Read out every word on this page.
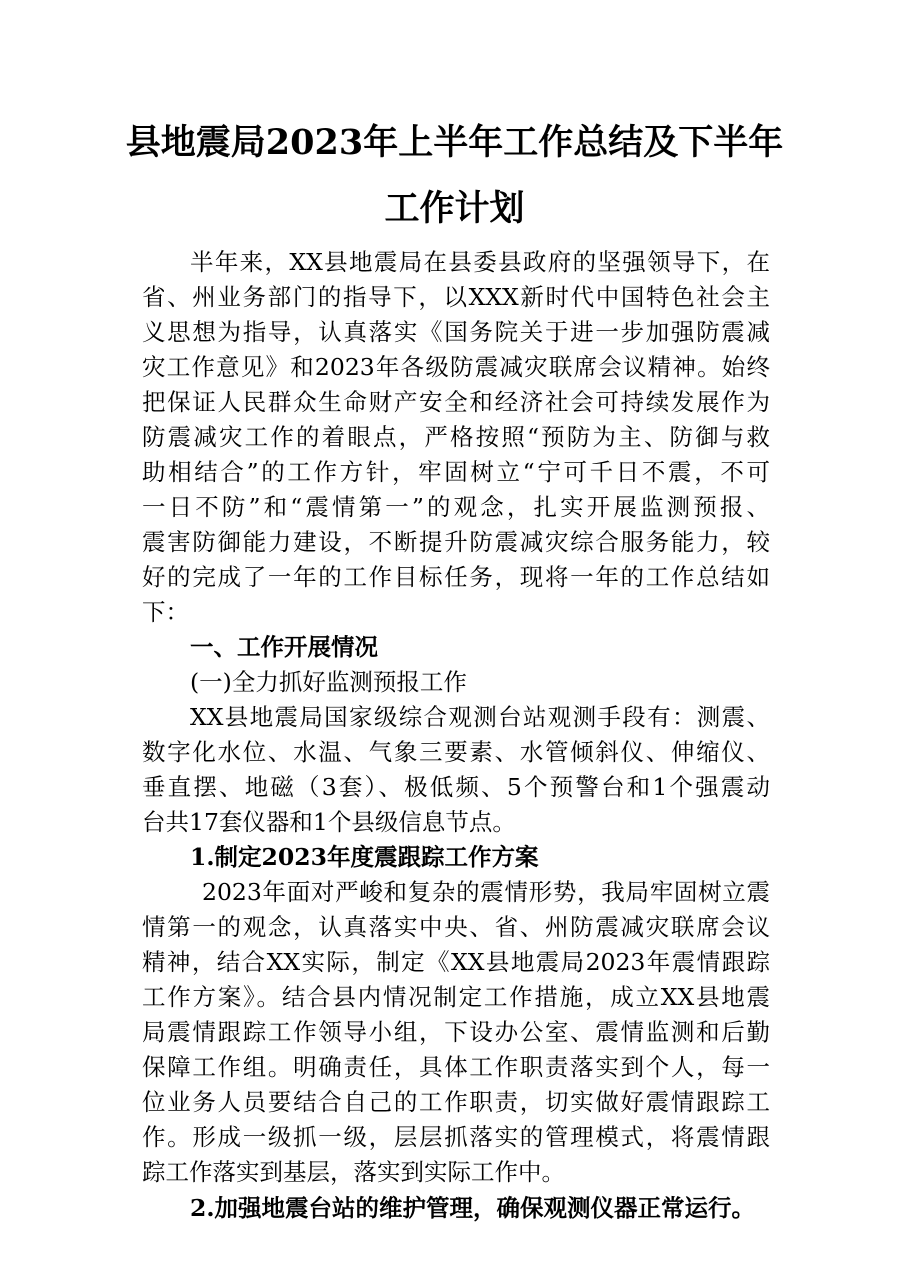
县地震局2023年上半年工作总结及下半年
工作计划
半年来，XX县地震局在县委县政府的坚强领导下，在
省、州业务部门的指导下，以XXX新时代中国特色社会主
义思想为指导，认真落实《国务院关于进一步加强防震减
灾工作意见》和2023年各级防震减灾联席会议精神。始终
把保证人民群众生命财产安全和经济社会可持续发展作为
防震减灾工作的着眼点，严格按照“预防为主、防御与救
助相结合”的工作方针，牢固树立“宁可千日不震，不可
一日不防”和“震情第一”的观念，扎实开展监测预报、
震害防御能力建设，不断提升防震减灾综合服务能力，较
好的完成了一年的工作目标任务，现将一年的工作总结如
下：
一、工作开展情况
(一)全力抓好监测预报工作
XX县地震局国家级综合观测台站观测手段有：测震、
数字化水位、水温、气象三要素、水管倾斜仪、伸缩仪、
垂直摆、地磁（3套）、极低频、5个预警台和1个强震动
台共17套仪器和1个县级信息节点。
1.制定2023年度震跟踪工作方案
2023年面对严峻和复杂的震情形势，我局牢固树立震
情第一的观念，认真落实中央、省、州防震减灾联席会议
精神，结合XX实际，制定《XX县地震局2023年震情跟踪
工作方案》。结合县内情况制定工作措施，成立XX县地震
局震情跟踪工作领导小组，下设办公室、震情监测和后勤
保障工作组。明确责任，具体工作职责落实到个人，每一
位业务人员要结合自己的工作职责，切实做好震情跟踪工
作。形成一级抓一级，层层抓落实的管理模式，将震情跟
踪工作落实到基层，落实到实际工作中。
2.加强地震台站的维护管理，确保观测仪器正常运行。
